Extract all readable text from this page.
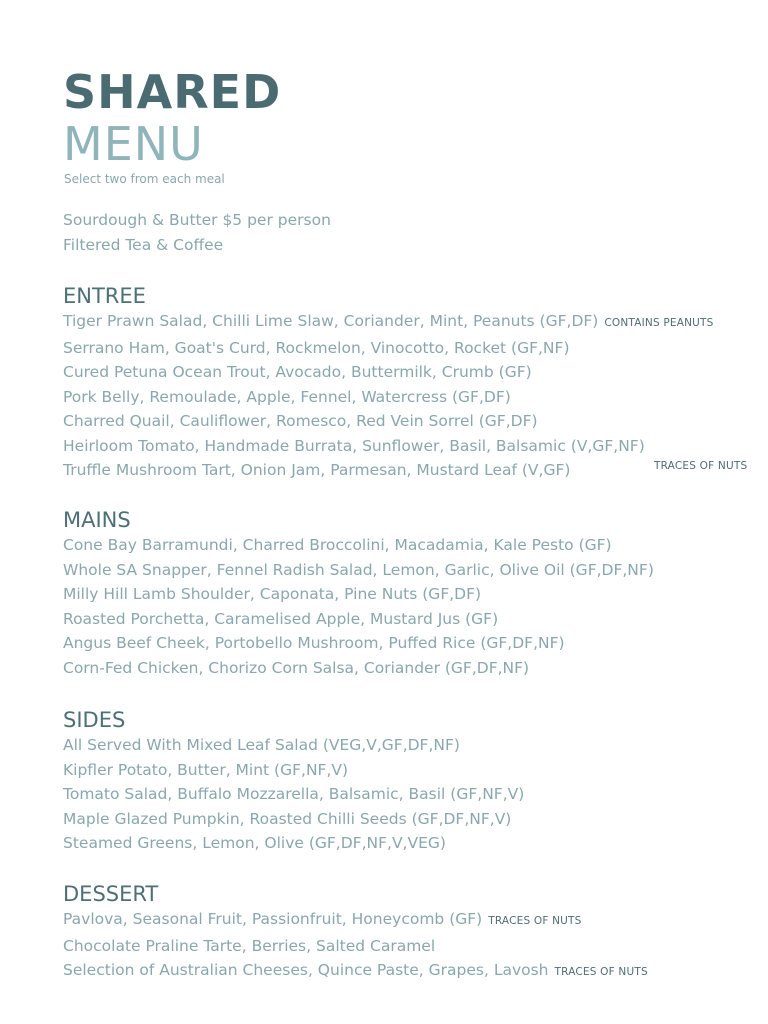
SHARED
MENU
Select two from each meal
Sourdough & Butter $5 per person
Filtered Tea & Coffee
ENTREE
Tiger Prawn Salad, Chilli Lime Slaw, Coriander, Mint, Peanuts (GF,DF) CONTAINS PEANUTS
Serrano Ham, Goat's Curd, Rockmelon, Vinocotto, Rocket (GF,NF)
Cured Petuna Ocean Trout, Avocado, Buttermilk, Crumb (GF)
Pork Belly, Remoulade, Apple, Fennel, Watercress (GF,DF)
Charred Quail, Cauliflower, Romesco, Red Vein Sorrel (GF,DF)
Heirloom Tomato, Handmade Burrata, Sunflower, Basil, Balsamic (V,GF,NF)
Truffle Mushroom Tart, Onion Jam, Parmesan, Mustard Leaf (V,GF)	TRACES OF NUTS
MAINS
Cone Bay Barramundi, Charred Broccolini, Macadamia, Kale Pesto (GF)
Whole SA Snapper, Fennel Radish Salad, Lemon, Garlic, Olive Oil (GF,DF,NF)
Milly Hill Lamb Shoulder, Caponata, Pine Nuts (GF,DF)
Roasted Porchetta, Caramelised Apple, Mustard Jus (GF)
Angus Beef Cheek, Portobello Mushroom, Puffed Rice (GF,DF,NF)
Corn-Fed Chicken, Chorizo Corn Salsa, Coriander (GF,DF,NF)
SIDES
All Served With Mixed Leaf Salad (VEG,V,GF,DF,NF)
Kipfler Potato, Butter, Mint (GF,NF,V)
Tomato Salad, Buffalo Mozzarella, Balsamic, Basil (GF,NF,V)
Maple Glazed Pumpkin, Roasted Chilli Seeds (GF,DF,NF,V)
Steamed Greens, Lemon, Olive (GF,DF,NF,V,VEG)
DESSERT
Pavlova, Seasonal Fruit, Passionfruit, Honeycomb (GF) TRACES OF NUTS
Chocolate Praline Tarte, Berries, Salted Caramel
Selection of Australian Cheeses, Quince Paste, Grapes, Lavosh TRACES OF NUTS
